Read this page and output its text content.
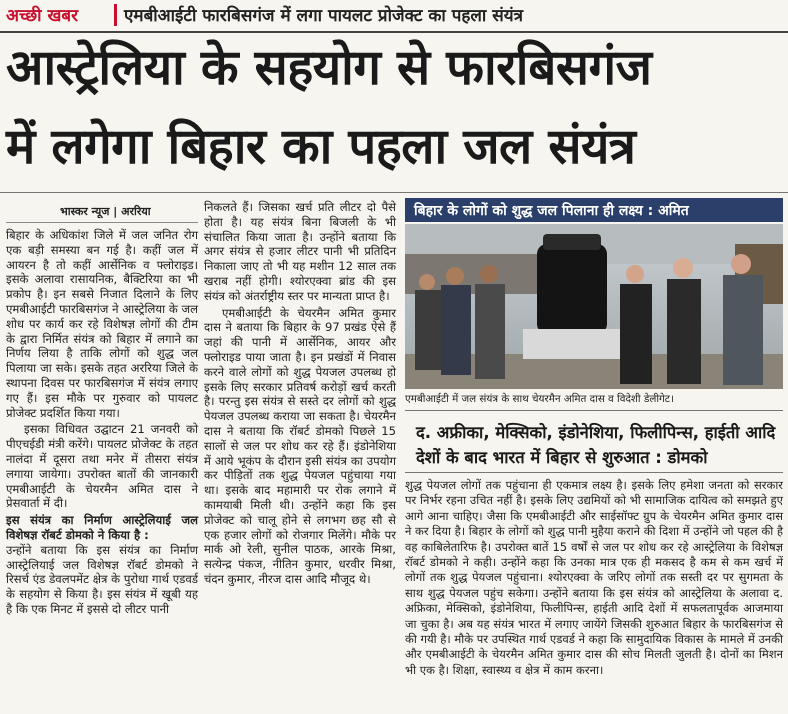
अच्छी खबर	एमबीआईटी फारबिसगंज में लगा पायलट प्रोजेक्ट का पहला संयंत्र
आस्ट्रेलिया के सहयोग से फारबिसगंज
में लगेगा बिहार का पहला जल संयंत्र
भास्कर न्यूज | अररिया

बिहार के अधिकांश जिले में जल जनित रोग एक बड़ी समस्या बन गई है। कहीं जल में आयरन है तो कहीं आर्सेनिक व फ्लोराइड। इसके अलावा रासायनिक, बैक्टिरिया का भी प्रकोप है। इन सबसे निजात दिलाने के लिए एमबीआईटी फारबिसगंज ने आस्ट्रेलिया के जल शोध पर कार्य कर रहे विशेषज्ञ लोगों की टीम के द्वारा निर्मित संयंत्र को बिहार में लगाने का निर्णय लिया है ताकि लोगों को शुद्ध जल पिलाया जा सके। इसके तहत अररिया जिले के स्थापना दिवस पर फारबिसगंज में संयंत्र लगाए गए हैं। इस मौके पर गुरुवार को पायलट प्रोजेक्ट प्रदर्शित किया गया।

इसका विधिवत उद्घाटन 21 जनवरी को पीएचईडी मंत्री करेंगे। पायलट प्रोजेक्ट के तहत नालंदा में दूसरा तथा मनेर में तीसरा संयंत्र लगाया जायेगा। उपरोक्त बातों की जानकारी एमबीआईटी के चेयरमैन अमित दास ने प्रेसवार्ता में दी।

इस संयंत्र का निर्माण आस्ट्रेलियाई जल विशेषज्ञ रॉबर्ट डोमको ने किया है :

उन्होंने बताया कि इस संयंत्र का निर्माण आस्ट्रेलियाई जल विशेषज्ञ रॉबर्ट डोमको ने रिसर्च एंड डेवलपमेंट क्षेत्र के पुरोधा गार्थ एडवर्ड के सहयोग से किया है। इस संयंत्र में खूबी यह है कि एक मिनट में इससे दो लीटर पानी

निकलते हैं। जिसका खर्च प्रति लीटर दो पैसे होता है। यह संयंत्र बिना बिजली के भी संचालित किया जाता है। उन्होंने बताया कि अगर संयंत्र से हजार लीटर पानी भी प्रतिदिन निकाला जाए तो भी यह मशीन 12 साल तक खराब नहीं होगी। श्योरएक्वा ब्रांड की इस संयंत्र को अंतर्राष्ट्रीय स्तर पर मान्यता प्राप्त है।

एमबीआईटी के चेयरमैन अमित कुमार दास ने बताया कि बिहार के 97 प्रखंड ऐसे हैं जहां की पानी में आर्सेनिक, आयर और फ्लोराइड पाया जाता है। इन प्रखंडों में निवास करने वाले लोगों को शुद्ध पेयजल उपलब्ध हो इसके लिए सरकार प्रतिवर्ष करोड़ों खर्च करती है। परन्तु इस संयंत्र से सस्ते दर लोगों को शुद्ध पेयजल उपलब्ध कराया जा सकता है। चेयरमैन दास ने बताया कि रॉबर्ट डोमको पिछले 15 सालों से जल पर शोध कर रहे हैं। इंडोनेशिया में आये भूकंप के दौरान इसी संयंत्र का उपयोग कर पीड़ितों तक शुद्ध पेयजल पहुंचाया गया था। इसके बाद महामारी पर रोक लगाने में कामयाबी मिली थी। उन्होंने कहा कि इस प्रोजेक्ट को चालू होने से लगभग छह सौ से एक हजार लोगों को रोजगार मिलेंगे। मौके पर मार्क ओ रेली, सुनील पाठक, आरके मिश्रा, सत्येन्द्र पंकज, नीतिन कुमार, धरवीर मिश्रा, चंदन कुमार, नीरज दास आदि मौजूद थे।

बिहार के लोगों को शुद्ध जल पिलाना ही लक्ष्य : अमित
एमबीआईटी में जल संयंत्र के साथ चेयरमैन अमित दास व विदेशी डेलीगेट।
द. अफ्रीका, मेक्सिको, इंडोनेशिया, फिलीपिन्स, हाईती आदि देशों के बाद भारत में बिहार से शुरुआत : डोमको
शुद्ध पेयजल लोगों तक पहुंचाना ही एकमात्र लक्ष्य है। इसके लिए हमेशा जनता को सरकार पर निर्भर रहना उचित नहीं है। इसके लिए उद्यमियों को भी सामाजिक दायित्व को समझते हुए आगे आना चाहिए। जैसा कि एमबीआईटी और साईसॉफ्ट ग्रुप के चेयरमैन अमित कुमार दास ने कर दिया है। बिहार के लोगों को शुद्ध पानी मुहैया कराने की दिशा में उन्होंने जो पहल की है वह काबिलेतारिफ है। उपरोक्त बातें 15 वर्षों से जल पर शोध कर रहे आस्ट्रेलिया के विशेषज्ञ रॉबर्ट डोमको ने कही। उन्होंने कहा कि उनका मात्र एक ही मकसद है कम से कम खर्च में लोगों तक शुद्ध पेयजल पहुंचाना। श्योरएक्वा के जरिए लोगों तक सस्ती दर पर सुगमता के साथ शुद्ध पेयजल पहुंच सकेगा। उन्होंने बताया कि इस संयंत्र को आस्ट्रेलिया के अलावा द. अफ्रिका, मेक्सिको, इंडोनेशिया, फिलीपिन्स, हाईती आदि देशों में सफलतापूर्वक आजमाया जा चुका है। अब यह संयंत्र भारत में लगाए जायेंगे जिसकी शुरुआत बिहार के फारबिसगंज से की गयी है। मौके पर उपस्थित गार्थ एडवर्ड ने कहा कि सामुदायिक विकास के मामले में उनकी और एमबीआईटी के चेयरमैन अमित कुमार दास की सोच मिलती जुलती है। दोनों का मिशन भी एक है। शिक्षा, स्वास्थ्य व क्षेत्र में काम करना।
